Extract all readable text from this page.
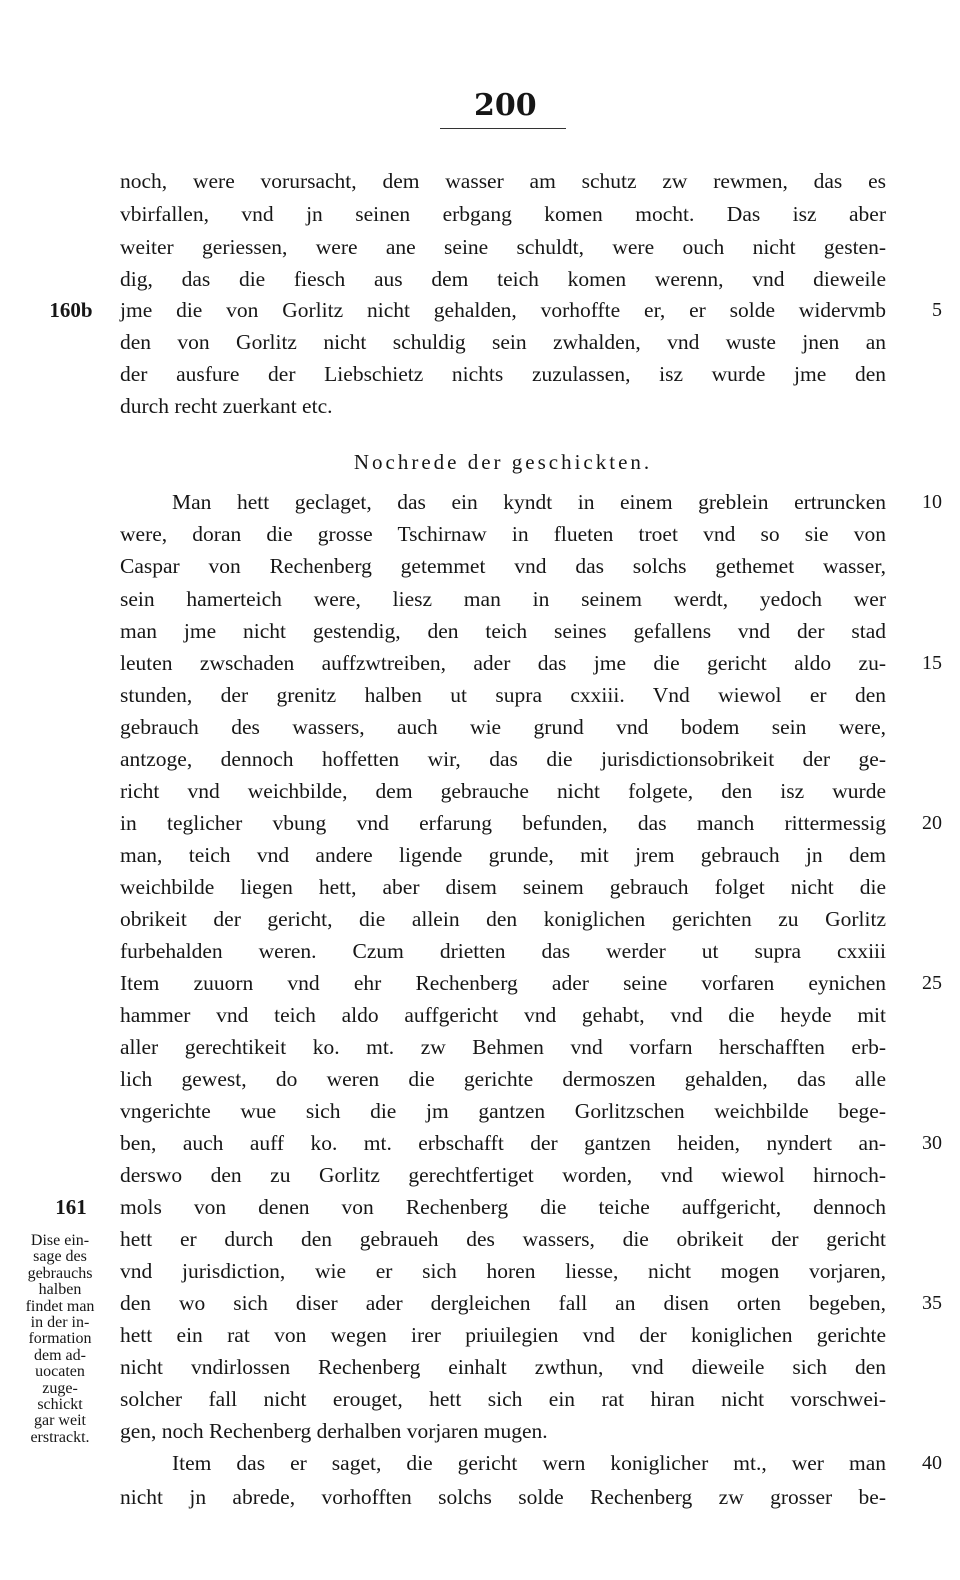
200
noch, were vorursacht, dem wasser am schutz zw rewmen, das es
vbirfallen, vnd jn seinen erbgang komen mocht. Das isz aber
weiter geriessen, were ane seine schuldt, were ouch nicht gesten-
dig, das die fiesch aus dem teich komen werenn, vnd dieweile
jme die von Gorlitz nicht gehalden, vorhoffte er, er solde widervmb
den von Gorlitz nicht schuldig sein zwhalden, vnd wuste jnen an
der ausfure der Liebschietz nichts zuzulassen, isz wurde jme den
durch recht zuerkant etc.
Nochrede der geschickten.
Man hett geclaget, das ein kyndt in einem greblein ertruncken
were, doran die grosse Tschirnaw in flueten troet vnd so sie von
Caspar von Rechenberg getemmet vnd das solchs gethemet wasser,
sein hamerteich were, liesz man in seinem werdt, yedoch wer
man jme nicht gestendig, den teich seines gefallens vnd der stad
leuten zwschaden auffzwtreiben, ader das jme die gericht aldo zu-
stunden, der grenitz halben ut supra cxxiii. Vnd wiewol er den
gebrauch des wassers, auch wie grund vnd bodem sein were,
antzoge, dennoch hoffetten wir, das die jurisdictionsobrikeit der ge-
richt vnd weichbilde, dem gebrauche nicht folgete, den isz wurde
in teglicher vbung vnd erfarung befunden, das manch rittermessig
man, teich vnd andere ligende grunde, mit jrem gebrauch jn dem
weichbilde liegen hett, aber disem seinem gebrauch folget nicht die
obrikeit der gericht, die allein den koniglichen gerichten zu Gorlitz
furbehalden weren. Czum drietten das werder ut supra cxxiii
Item zuuorn vnd ehr Rechenberg ader seine vorfaren eynichen
hammer vnd teich aldo auffgericht vnd gehabt, vnd die heyde mit
aller gerechtikeit ko. mt. zw Behmen vnd vorfarn herschafften erb-
lich gewest, do weren die gerichte dermoszen gehalden, das alle
vngerichte wue sich die jm gantzen Gorlitzschen weichbilde bege-
ben, auch auff ko. mt. erbschafft der gantzen heiden, nyndert an-
derswo den zu Gorlitz gerechtfertiget worden, vnd wiewol hirnoch-
mols von denen von Rechenberg die teiche auffgericht, dennoch
hett er durch den gebraueh des wassers, die obrikeit der gericht
vnd jurisdiction, wie er sich horen liesse, nicht mogen vorjaren,
den wo sich diser ader dergleichen fall an disen orten begeben,
hett ein rat von wegen irer priuilegien vnd der koniglichen gerichte
nicht vndirlossen Rechenberg einhalt zwthun, vnd dieweile sich den
solcher fall nicht erouget, hett sich ein rat hiran nicht vorschwei-
gen, noch Rechenberg derhalben vorjaren mugen.
Item das er saget, die gericht wern koniglicher mt., wer man
nicht jn abrede, vorhofften solchs solde Rechenberg zw grosser be-
160b
161
5
10
15
20
25
30
35
40
Dise ein-
sage des
gebrauchs
halben
findet man
in der in-
formation
dem ad-
uocaten
zuge-
schickt
gar weit
erstrackt.
